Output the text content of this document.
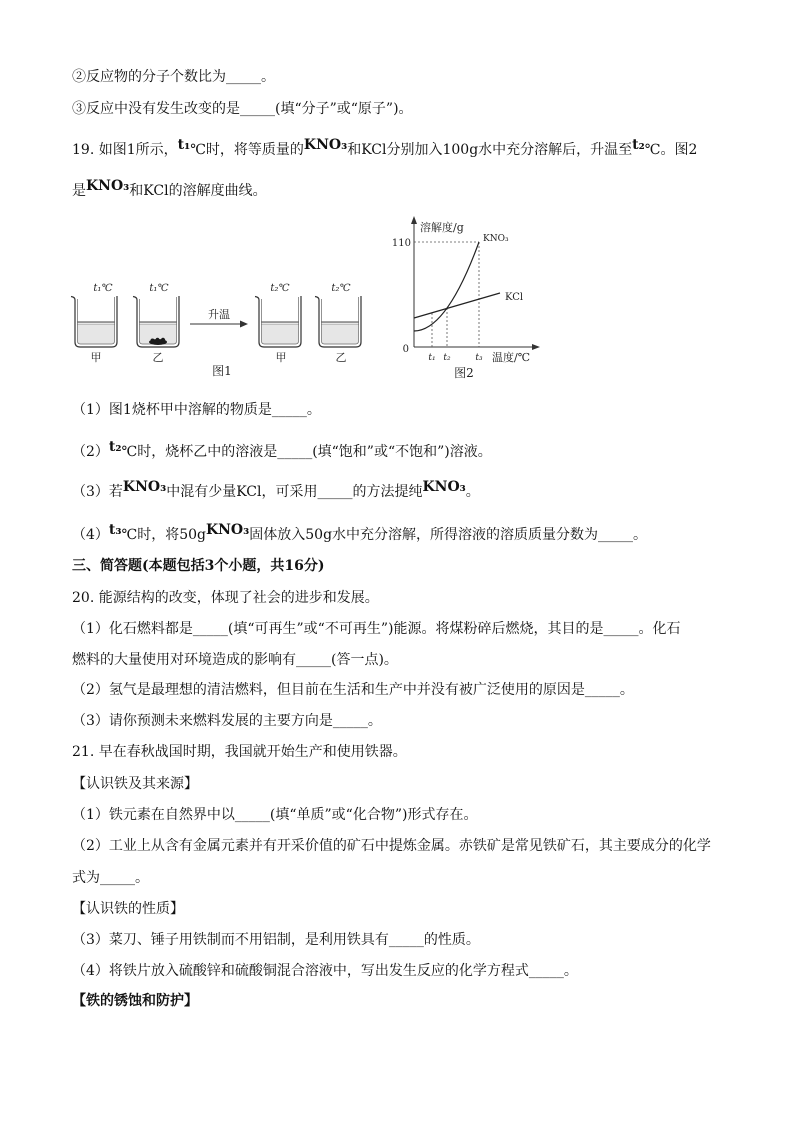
②反应物的分子个数比为_____。
③反应中没有发生改变的是_____(填“分子”或“原子”)。
19. 如图1所示，t₁℃时，将等质量的KNO₃和KCl分别加入100g水中充分溶解后，升温至t₂℃。图2
是KNO₃和KCl的溶解度曲线。
t₁℃	t₁℃	t₂℃	t₂℃
甲	乙	甲	乙
升温
图1
溶解度/g
110
0
KNO₃
KCl
t₁ t₂	t₃ 温度/℃
图2
（1）图1烧杯甲中溶解的物质是_____。
（2）t₂℃时，烧杯乙中的溶液是_____(填“饱和”或“不饱和”)溶液。
（3）若KNO₃中混有少量KCl，可采用_____的方法提纯KNO₃。
（4）t₃℃时，将50gKNO₃固体放入50g水中充分溶解，所得溶液的溶质质量分数为_____。
三、简答题(本题包括3个小题，共16分)
20. 能源结构的改变，体现了社会的进步和发展。
（1）化石燃料都是_____(填“可再生”或“不可再生”)能源。将煤粉碎后燃烧，其目的是_____。化石
燃料的大量使用对环境造成的影响有_____(答一点)。
（2）氢气是最理想的清洁燃料，但目前在生活和生产中并没有被广泛使用的原因是_____。
（3）请你预测未来燃料发展的主要方向是_____。
21. 早在春秋战国时期，我国就开始生产和使用铁器。
【认识铁及其来源】
（1）铁元素在自然界中以_____(填“单质”或“化合物”)形式存在。
（2）工业上从含有金属元素并有开采价值的矿石中提炼金属。赤铁矿是常见铁矿石，其主要成分的化学
式为_____。
【认识铁的性质】
（3）菜刀、锤子用铁制而不用铝制，是利用铁具有_____的性质。
（4）将铁片放入硫酸锌和硫酸铜混合溶液中，写出发生反应的化学方程式_____。
【铁的锈蚀和防护】
